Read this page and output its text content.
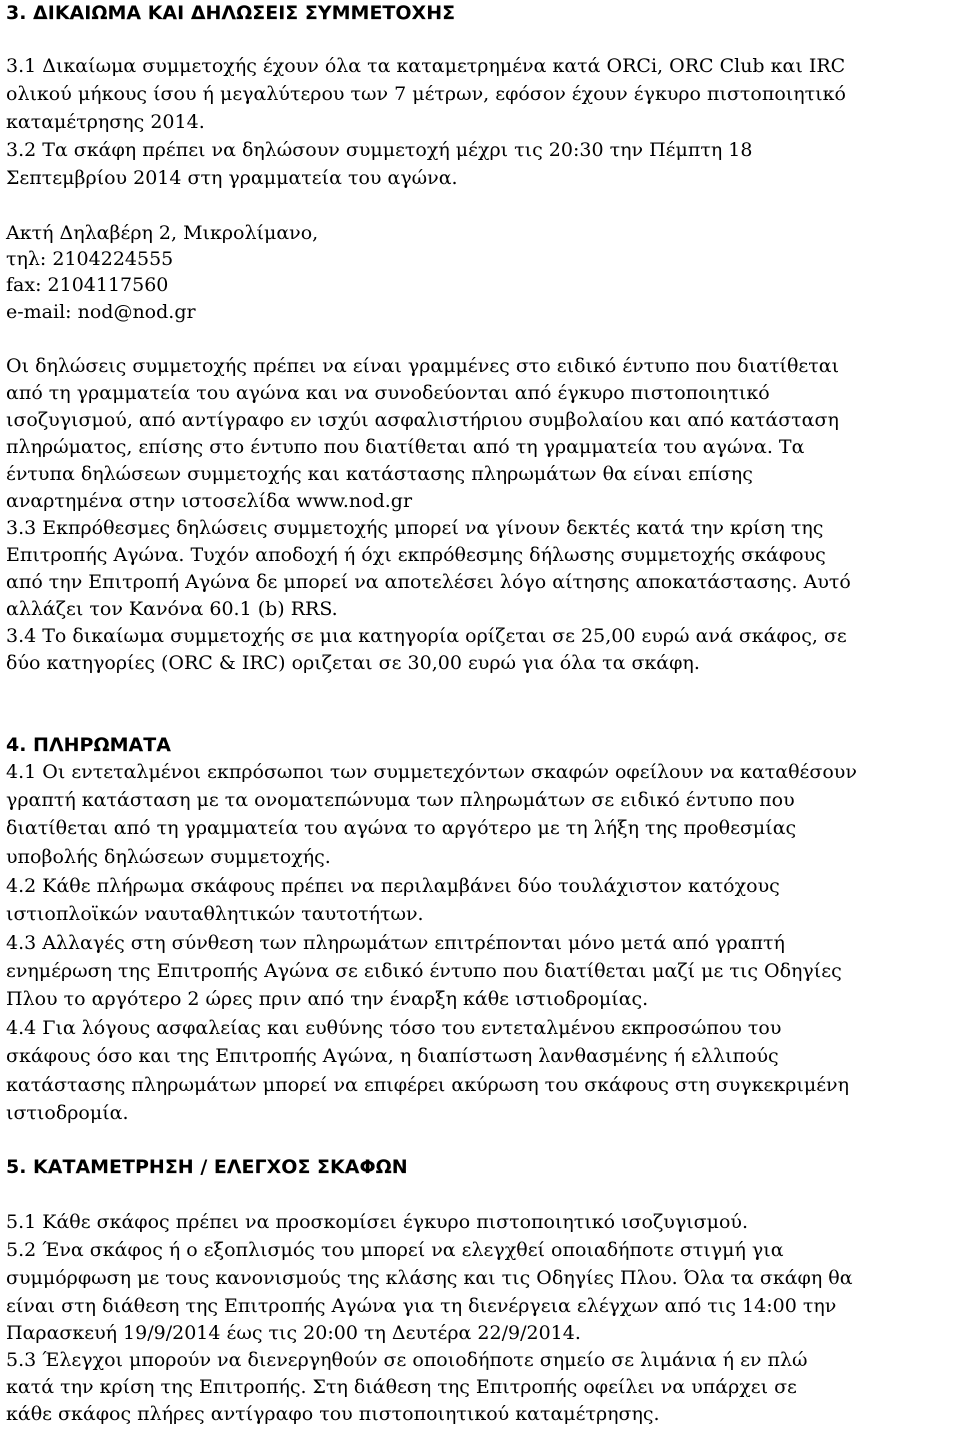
3. ΔΙΚΑΙΩΜΑ ΚΑΙ ΔΗΛΩΣΕΙΣ ΣΥΜΜΕΤΟΧΗΣ
3.1 Δικαίωμα συμμετοχής έχουν όλα τα καταμετρημένα κατά ORCi, ORC Club και IRC
ολικού μήκους ίσου ή μεγαλύτερου των 7 μέτρων, εφόσον έχουν έγκυρο πιστοποιητικό
καταμέτρησης 2014.
3.2 Τα σκάφη πρέπει να δηλώσουν συμμετοχή μέχρι τις 20:30 την Πέμπτη 18
Σεπτεμβρίου 2014 στη γραμματεία του αγώνα.
Ακτή Δηλαβέρη 2, Μικρολίμανο,
τηλ: 2104224555
fax: 2104117560
e-mail: nod@nod.gr
Οι δηλώσεις συμμετοχής πρέπει να είναι γραμμένες στο ειδικό έντυπο που διατίθεται
από τη γραμματεία του αγώνα και να συνοδεύονται από έγκυρο πιστοποιητικό
ισοζυγισμού, από αντίγραφο εν ισχύι ασφαλιστήριου συμβολαίου και από κατάσταση
πληρώματος, επίσης στο έντυπο που διατίθεται από τη γραμματεία του αγώνα. Τα
έντυπα δηλώσεων συμμετοχής και κατάστασης πληρωμάτων θα είναι επίσης
αναρτημένα στην ιστοσελίδα www.nod.gr
3.3 Εκπρόθεσμες δηλώσεις συμμετοχής μπορεί να γίνουν δεκτές κατά την κρίση της
Επιτροπής Αγώνα. Τυχόν αποδοχή ή όχι εκπρόθεσμης δήλωσης συμμετοχής σκάφους
από την Επιτροπή Αγώνα δε μπορεί να αποτελέσει λόγο αίτησης αποκατάστασης. Αυτό
αλλάζει τον Κανόνα 60.1 (b) RRS.
3.4 Το δικαίωμα συμμετοχής σε μια κατηγορία ορίζεται σε 25,00 ευρώ ανά σκάφος, σε
δύο κατηγορίες (ORC & IRC) οριζεται σε 30,00 ευρώ για όλα τα σκάφη.
4. ΠΛΗΡΩΜΑΤΑ
4.1 Οι εντεταλμένοι εκπρόσωποι των συμμετεχόντων σκαφών οφείλουν να καταθέσουν
γραπτή κατάσταση με τα ονοματεπώνυμα των πληρωμάτων σε ειδικό έντυπο που
διατίθεται από τη γραμματεία του αγώνα το αργότερο με τη λήξη της προθεσμίας
υποβολής δηλώσεων συμμετοχής.
4.2 Κάθε πλήρωμα σκάφους πρέπει να περιλαμβάνει δύο τουλάχιστον κατόχους
ιστιοπλοϊκών ναυταθλητικών ταυτοτήτων.
4.3 Αλλαγές στη σύνθεση των πληρωμάτων επιτρέπονται μόνο μετά από γραπτή
ενημέρωση της Επιτροπής Αγώνα σε ειδικό έντυπο που διατίθεται μαζί με τις Οδηγίες
Πλου το αργότερο 2 ώρες πριν από την έναρξη κάθε ιστιοδρομίας.
4.4 Για λόγους ασφαλείας και ευθύνης τόσο του εντεταλμένου εκπροσώπου του
σκάφους όσο και της Επιτροπής Αγώνα, η διαπίστωση λανθασμένης ή ελλιπούς
κατάστασης πληρωμάτων μπορεί να επιφέρει ακύρωση του σκάφους στη συγκεκριμένη
ιστιοδρομία.
5. ΚΑΤΑΜΕΤΡΗΣΗ / ΕΛΕΓΧΟΣ ΣΚΑΦΩΝ
5.1 Κάθε σκάφος πρέπει να προσκομίσει έγκυρο πιστοποιητικό ισοζυγισμού.
5.2 Ένα σκάφος ή ο εξοπλισμός του μπορεί να ελεγχθεί οποιαδήποτε στιγμή για
συμμόρφωση με τους κανονισμούς της κλάσης και τις Οδηγίες Πλου. Όλα τα σκάφη θα
είναι στη διάθεση της Επιτροπής Αγώνα για τη διενέργεια ελέγχων από τις 14:00 την
Παρασκευή 19/9/2014 έως τις 20:00 τη Δευτέρα 22/9/2014.
5.3 Έλεγχοι μπορούν να διενεργηθούν σε οποιοδήποτε σημείο σε λιμάνια ή εν πλώ
κατά την κρίση της Επιτροπής. Στη διάθεση της Επιτροπής οφείλει να υπάρχει σε
κάθε σκάφος πλήρες αντίγραφο του πιστοποιητικού καταμέτρησης.
